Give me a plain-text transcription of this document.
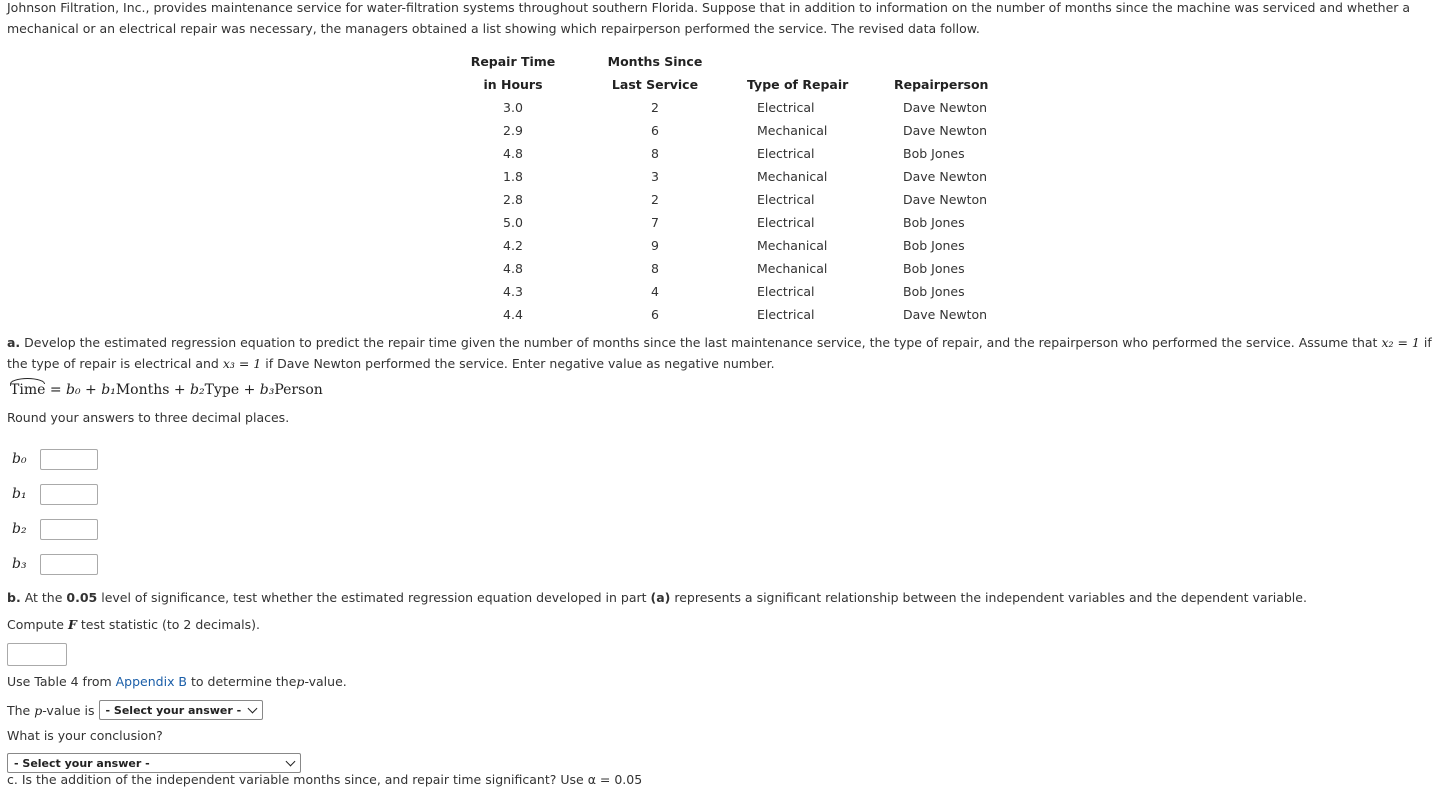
Johnson Filtration, Inc., provides maintenance service for water-filtration systems throughout southern Florida. Suppose that in addition to information on the number of months since the machine was serviced and whether a mechanical or an electrical repair was necessary, the managers obtained a list showing which repairperson performed the service. The revised data follow.

Repair Time	Months Since		
in Hours	Last Service	Type of Repair	Repairperson
3.0	2	Electrical	Dave Newton
2.9	6	Mechanical	Dave Newton
4.8	8	Electrical	Bob Jones
1.8	3	Mechanical	Dave Newton
2.8	2	Electrical	Dave Newton
5.0	7	Electrical	Bob Jones
4.2	9	Mechanical	Bob Jones
4.8	8	Mechanical	Bob Jones
4.3	4	Electrical	Bob Jones
4.4	6	Electrical	Dave Newton

a. Develop the estimated regression equation to predict the repair time given the number of months since the last maintenance service, the type of repair, and the repairperson who performed the service. Assume that x₂ = 1 if the type of repair is electrical and x₃ = 1 if Dave Newton performed the service. Enter negative value as negative number.

Time = b₀ + b₁Months + b₂Type + b₃Person
Round your answers to three decimal places.
b₀
b₁
b₂
b₃
b. At the 0.05 level of significance, test whether the estimated regression equation developed in part (a) represents a significant relationship between the independent variables and the dependent variable.
Compute F test statistic (to 2 decimals).
Use Table 4 from Appendix B to determine thep-value.
The
p -value is
- Select your answer -
What is your conclusion?
- Select your answer -
c. Is the addition of the independent variable months since, and repair time significant? Use α = 0.05
